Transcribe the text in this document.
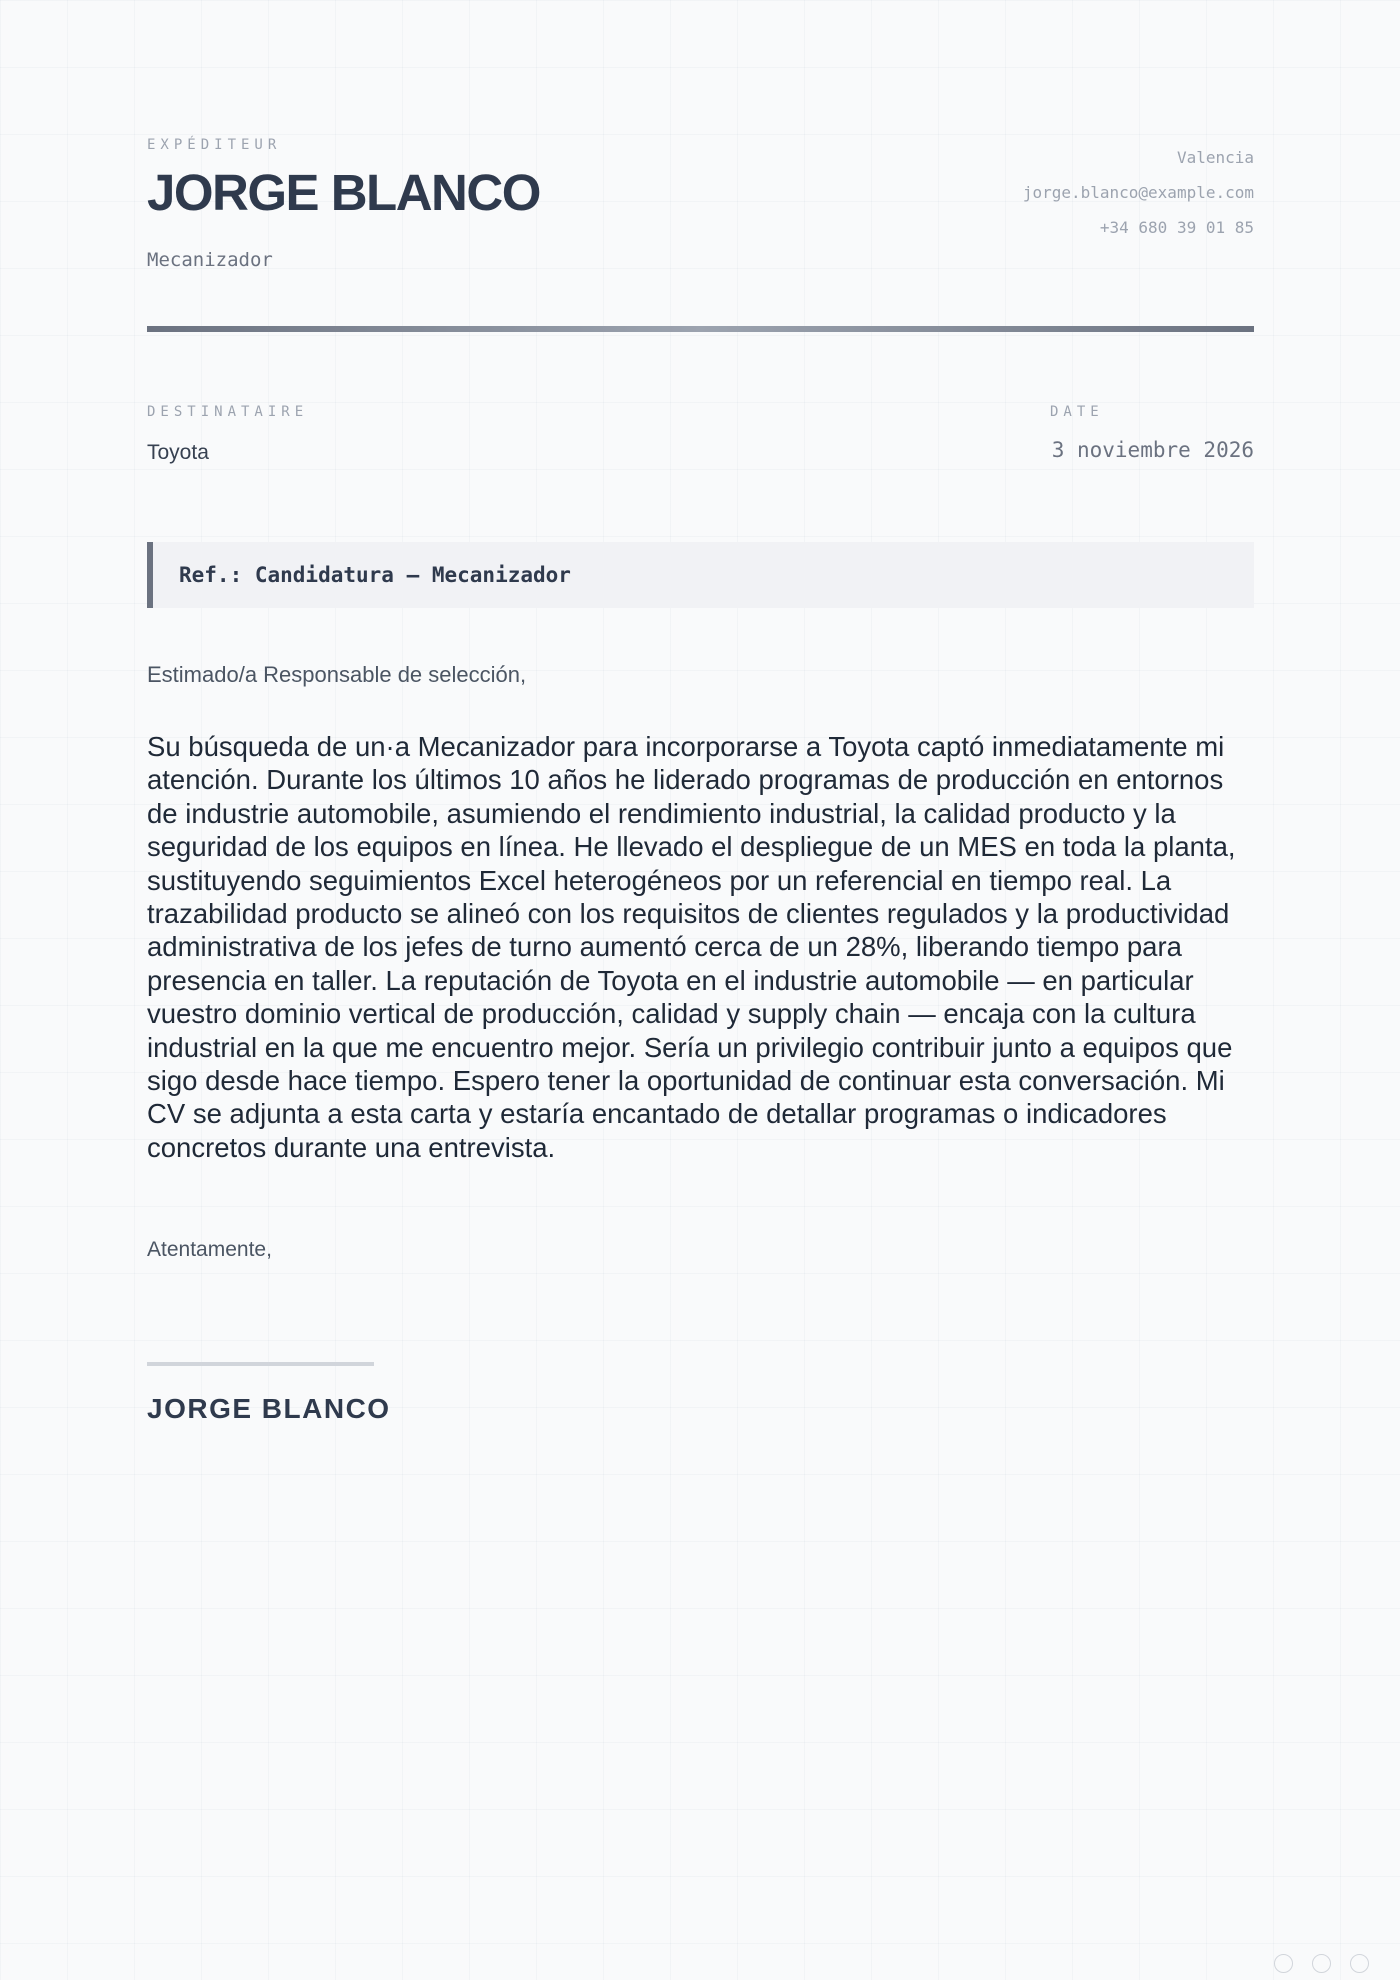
EXPÉDITEUR
JORGE BLANCO
Mecanizador
Valencia
jorge.blanco@example.com
+34 680 39 01 85
DESTINATAIRE
Toyota
DATE
3 noviembre 2026
Ref.: Candidatura — Mecanizador
Estimado/a Responsable de selección,

Su búsqueda de un·a Mecanizador para incorporarse a Toyota captó inmediatamente mi atención. Durante los últimos 10 años he liderado programas de producción en entornos de industrie automobile, asumiendo el rendimiento industrial, la calidad producto y la seguridad de los equipos en línea. He llevado el despliegue de un MES en toda la planta, sustituyendo seguimientos Excel heterogéneos por un referencial en tiempo real. La trazabilidad producto se alineó con los requisitos de clientes regulados y la productividad administrativa de los jefes de turno aumentó cerca de un 28%, liberando tiempo para presencia en taller. La reputación de Toyota en el industrie automobile — en particular vuestro dominio vertical de producción, calidad y supply chain — encaja con la cultura industrial en la que me encuentro mejor. Sería un privilegio contribuir junto a equipos que sigo desde hace tiempo. Espero tener la oportunidad de continuar esta conversación. Mi CV se adjunta a esta carta y estaría encantado de detallar programas o indicadores concretos durante una entrevista.

Atentamente,
JORGE BLANCO
